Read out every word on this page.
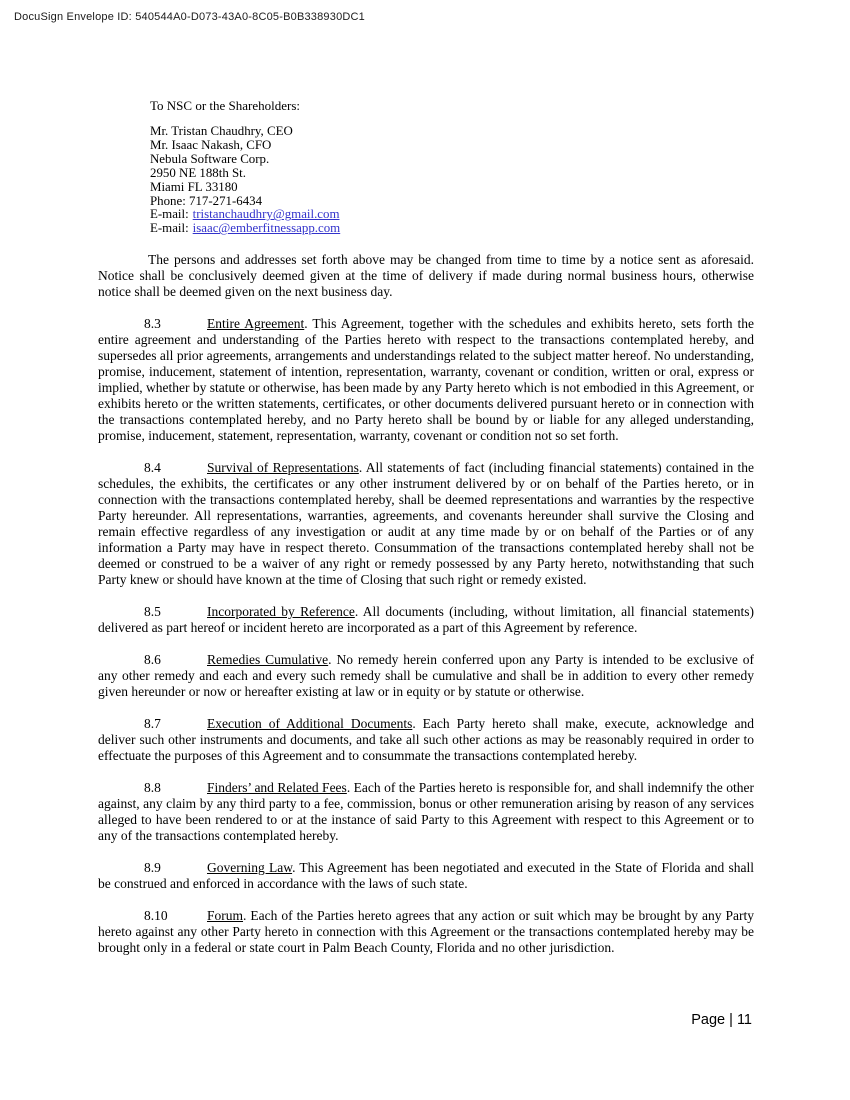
DocuSign Envelope ID: 540544A0-D073-43A0-8C05-B0B338930DC1

To NSC or the Shareholders:

Mr. Tristan Chaudhry, CEO
Mr. Isaac Nakash, CFO
Nebula Software Corp.
2950 NE 188th St.
Miami FL 33180
Phone: 717-271-6434
E-mail: tristanchaudhry@gmail.com
E-mail: isaac@emberfitnessapp.com

The persons and addresses set forth above may be changed from time to time by a notice sent as aforesaid. Notice shall be conclusively deemed given at the time of delivery if made during normal business hours, otherwise notice shall be deemed given on the next business day.

8.3	Entire Agreement. This Agreement, together with the schedules and exhibits hereto, sets forth the entire agreement and understanding of the Parties hereto with respect to the transactions contemplated hereby, and supersedes all prior agreements, arrangements and understandings related to the subject matter hereof. No understanding, promise, inducement, statement of intention, representation, warranty, covenant or condition, written or oral, express or implied, whether by statute or otherwise, has been made by any Party hereto which is not embodied in this Agreement, or exhibits hereto or the written statements, certificates, or other documents delivered pursuant hereto or in connection with the transactions contemplated hereby, and no Party hereto shall be bound by or liable for any alleged understanding, promise, inducement, statement, representation, warranty, covenant or condition not so set forth.

8.4	Survival of Representations. All statements of fact (including financial statements) contained in the schedules, the exhibits, the certificates or any other instrument delivered by or on behalf of the Parties hereto, or in connection with the transactions contemplated hereby, shall be deemed representations and warranties by the respective Party hereunder. All representations, warranties, agreements, and covenants hereunder shall survive the Closing and remain effective regardless of any investigation or audit at any time made by or on behalf of the Parties or of any information a Party may have in respect thereto. Consummation of the transactions contemplated hereby shall not be deemed or construed to be a waiver of any right or remedy possessed by any Party hereto, notwithstanding that such Party knew or should have known at the time of Closing that such right or remedy existed.

8.5	Incorporated by Reference. All documents (including, without limitation, all financial statements) delivered as part hereof or incident hereto are incorporated as a part of this Agreement by reference.

8.6	Remedies Cumulative. No remedy herein conferred upon any Party is intended to be exclusive of any other remedy and each and every such remedy shall be cumulative and shall be in addition to every other remedy given hereunder or now or hereafter existing at law or in equity or by statute or otherwise.

8.7	Execution of Additional Documents. Each Party hereto shall make, execute, acknowledge and deliver such other instruments and documents, and take all such other actions as may be reasonably required in order to effectuate the purposes of this Agreement and to consummate the transactions contemplated hereby.

8.8	Finders’ and Related Fees. Each of the Parties hereto is responsible for, and shall indemnify the other against, any claim by any third party to a fee, commission, bonus or other remuneration arising by reason of any services alleged to have been rendered to or at the instance of said Party to this Agreement with respect to this Agreement or to any of the transactions contemplated hereby.

8.9	Governing Law. This Agreement has been negotiated and executed in the State of Florida and shall be construed and enforced in accordance with the laws of such state.

8.10	Forum. Each of the Parties hereto agrees that any action or suit which may be brought by any Party hereto against any other Party hereto in connection with this Agreement or the transactions contemplated hereby may be brought only in a federal or state court in Palm Beach County, Florida and no other jurisdiction.

Page | 11
